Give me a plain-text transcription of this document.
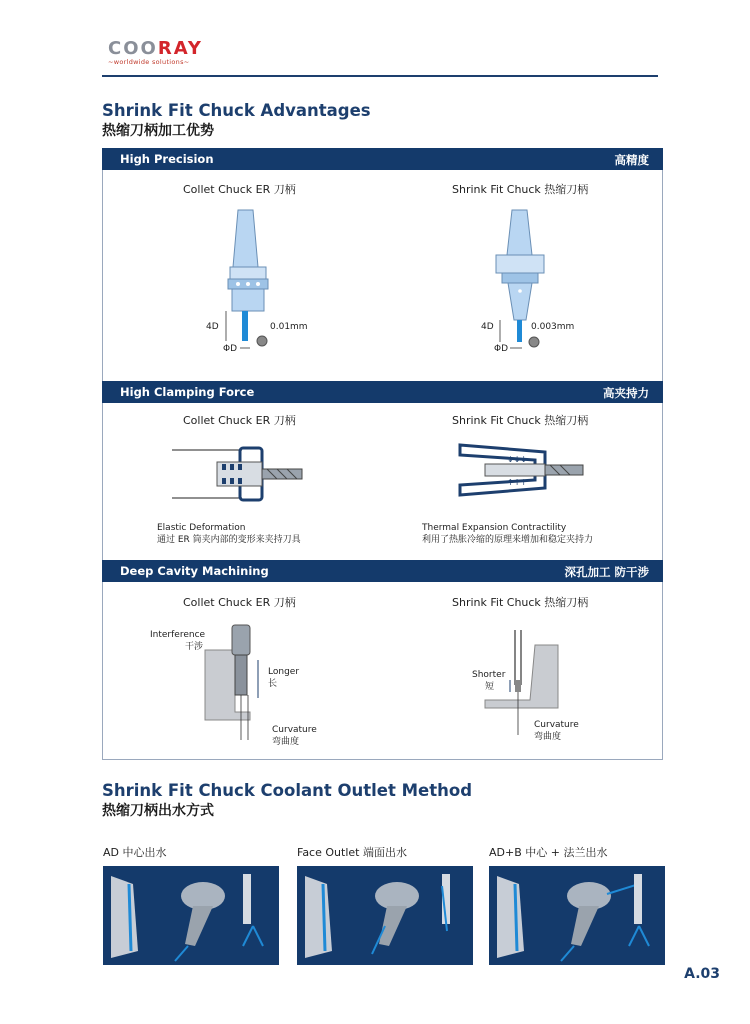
COORAY
~worldwide solutions~
Shrink Fit Chuck Advantages
热缩刀柄加工优势
High Precision	高精度
Collet Chuck ER 刀柄	Shrink Fit Chuck 热缩刀柄
4D
ΦD
0.01mm	4D
ΦD
0.003mm
High Clamping Force	高夹持力
Collet Chuck ER 刀柄	Shrink Fit Chuck 热缩刀柄
Elastic Deformation
通过 ER 筒夹内部的变形来夹持刀具
↓↓↓
↑↑↑
Thermal Expansion Contractility
利用了热胀冷缩的原理来增加和稳定夹持力
Deep Cavity Machining	深孔加工 防干涉
Collet Chuck ER 刀柄	Shrink Fit Chuck 热缩刀柄
Interference
干涉
Longer
长
Curvature
弯曲度
Shorter
短
Curvature
弯曲度
Shrink Fit Chuck Coolant Outlet Method
热缩刀柄出水方式
AD 中心出水	Face Outlet 端面出水	AD+B 中心 + 法兰出水
A.03
